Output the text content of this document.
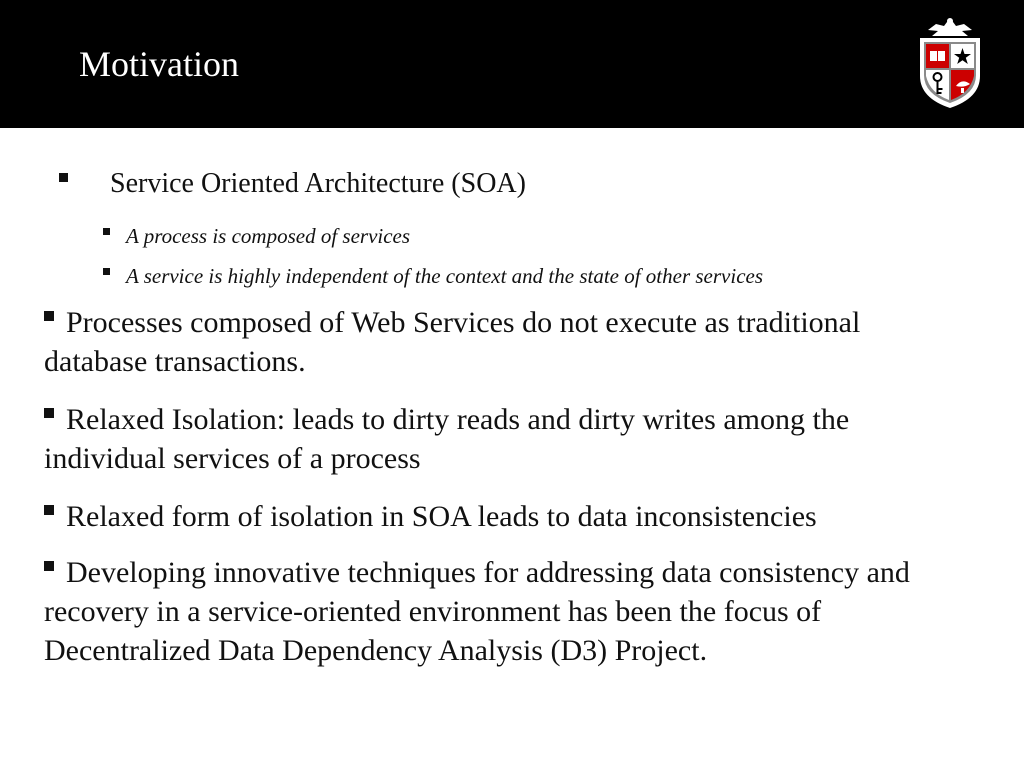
Motivation
Service Oriented Architecture (SOA)
A process is composed of services
A service is highly independent of the context and the state of other services
Processes composed of Web Services do not execute as traditional database transactions.
Relaxed Isolation: leads to dirty reads and dirty writes among the individual services of a process
Relaxed form of isolation in SOA leads to data inconsistencies
Developing innovative techniques for addressing data consistency and recovery in a service-oriented environment has been the focus of Decentralized Data Dependency Analysis (D3) Project.
